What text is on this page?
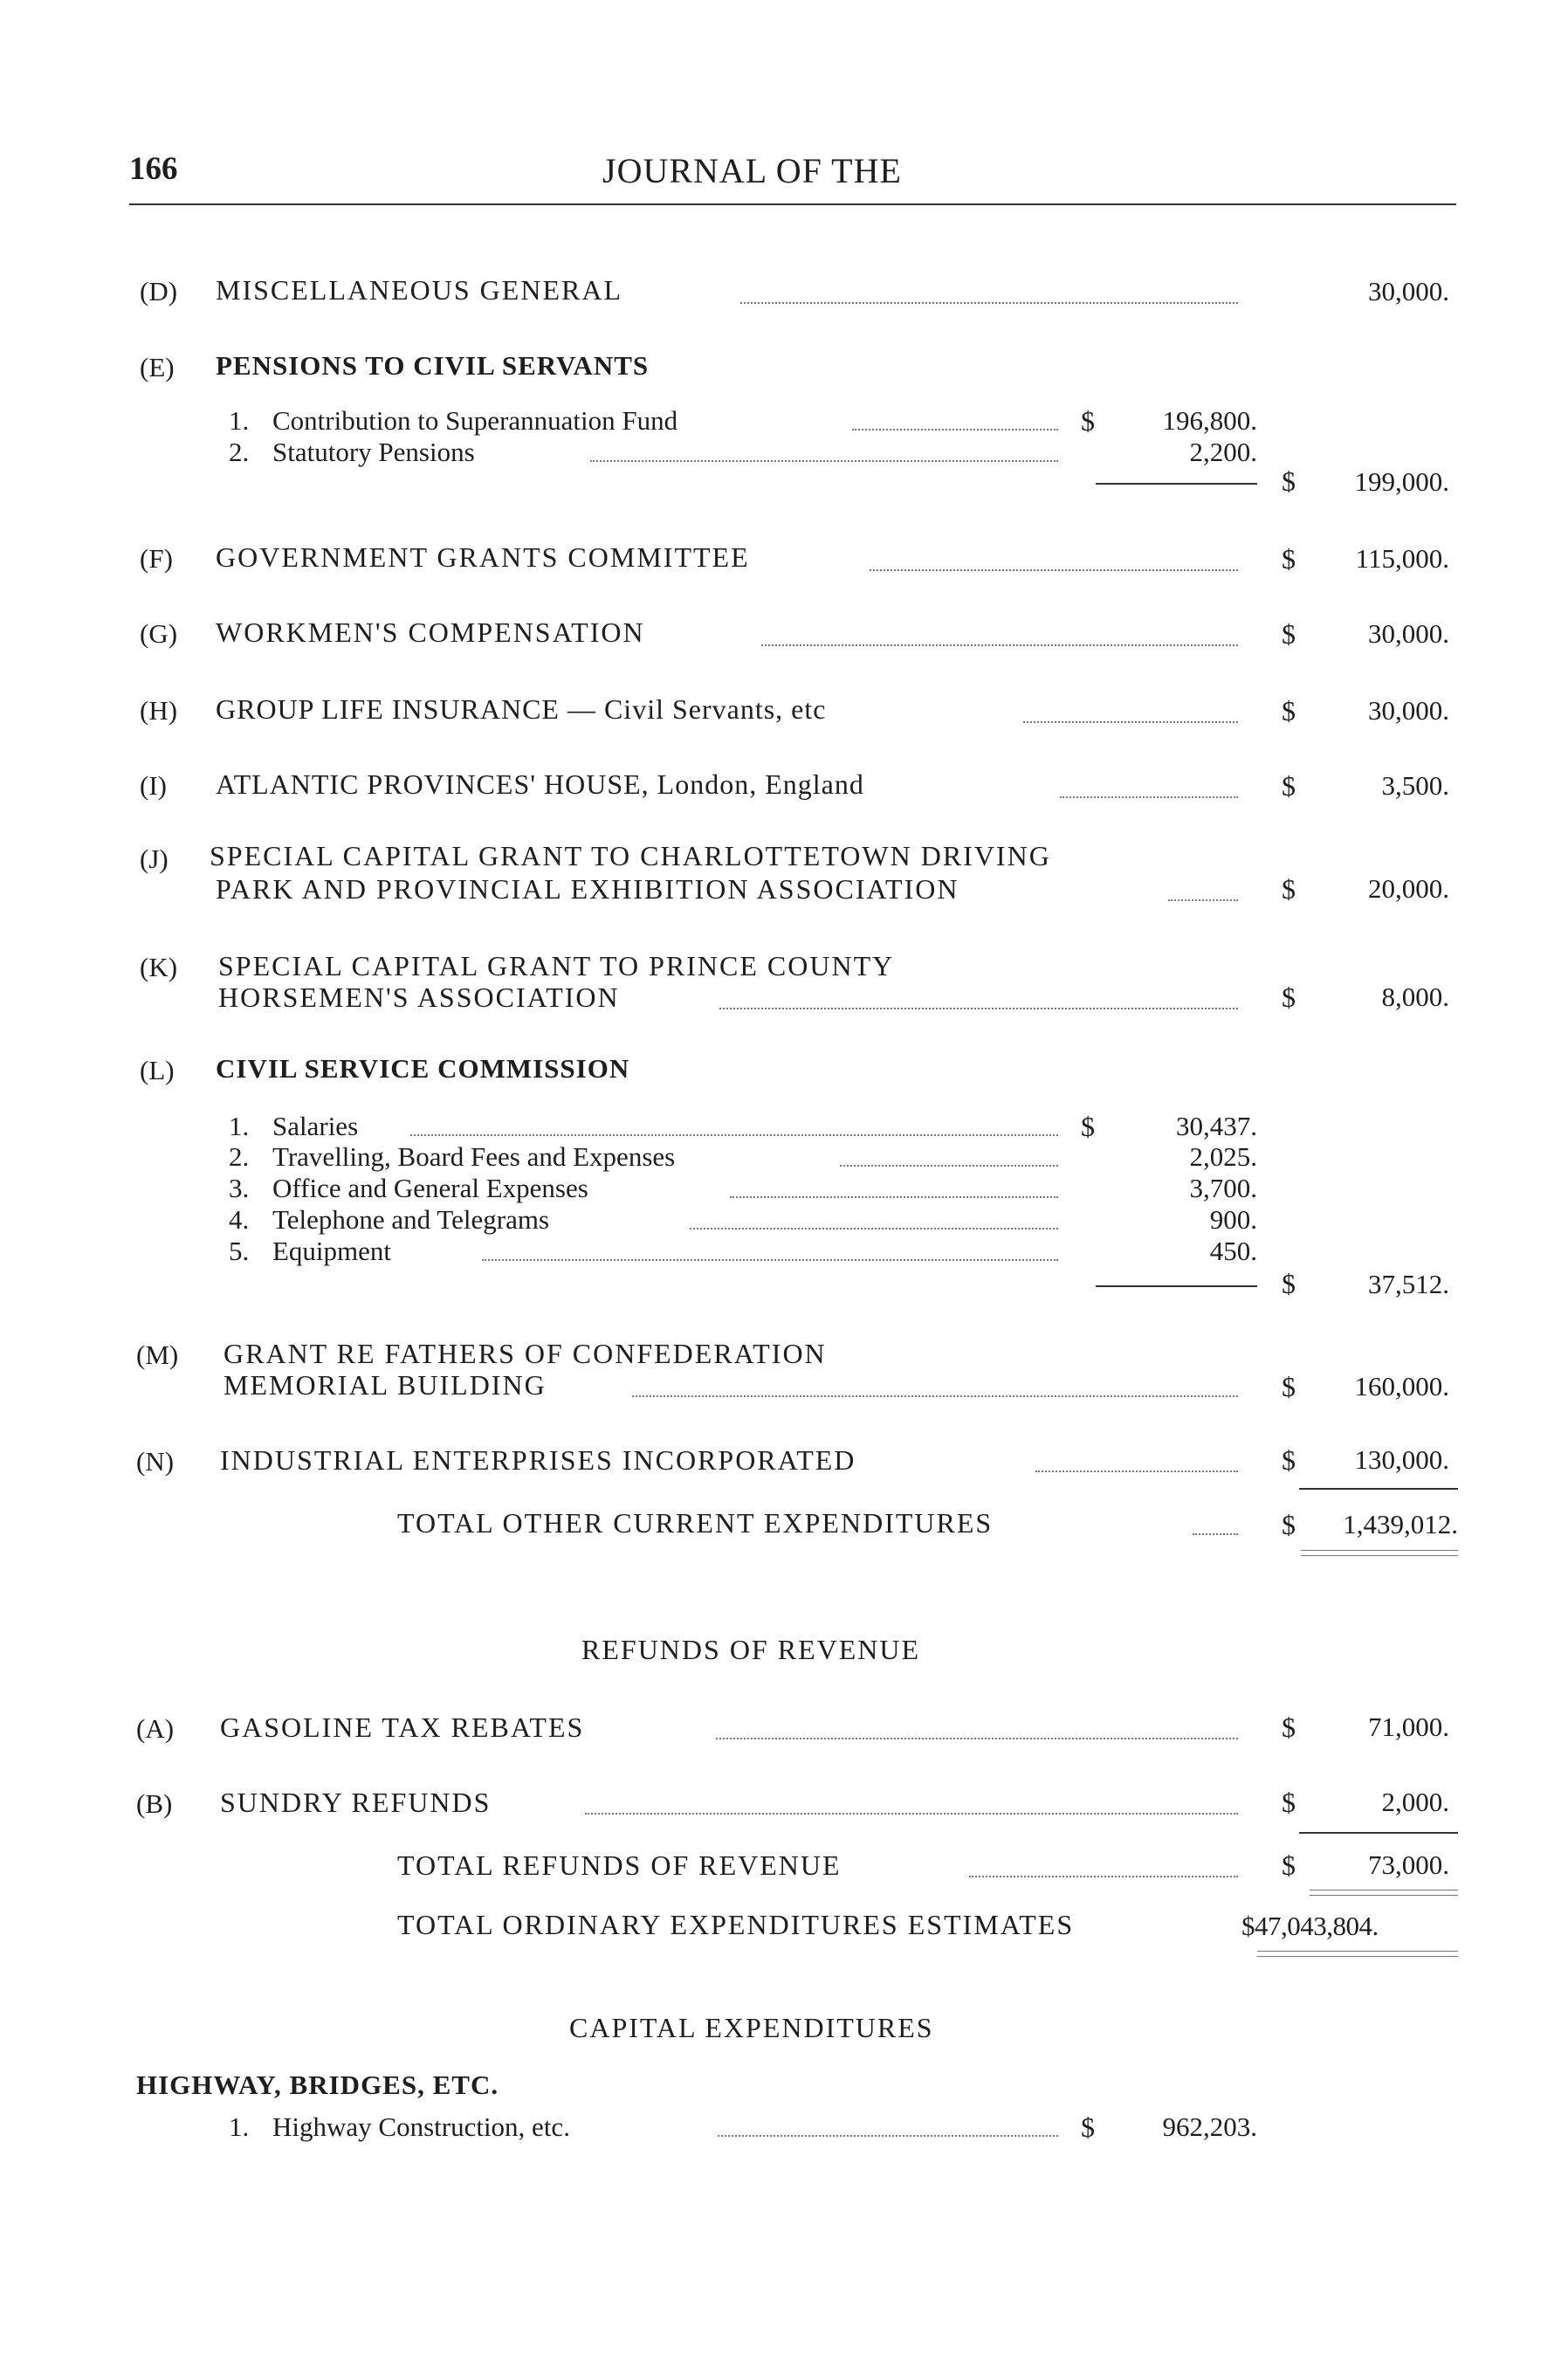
166	JOURNAL OF THE
(D) MISCELLANEOUS GENERAL	30,000.
(E) PENSIONS TO CIVIL SERVANTS
1. Contribution to Superannuation Fund	$	196,800.
2. Statutory Pensions	2,200.
$	199,000.
(F) GOVERNMENT GRANTS COMMITTEE	$	115,000.
(G) WORKMEN'S COMPENSATION	$	30,000.
(H) GROUP LIFE INSURANCE — Civil Servants, etc	$	30,000.
(I) ATLANTIC PROVINCES' HOUSE, London, England	$	3,500.
(J) SPECIAL CAPITAL GRANT TO CHARLOTTETOWN DRIVING
PARK AND PROVINCIAL EXHIBITION ASSOCIATION	$	20,000.
(K) SPECIAL CAPITAL GRANT TO PRINCE COUNTY
HORSEMEN'S ASSOCIATION	$	8,000.
(L) CIVIL SERVICE COMMISSION
1. Salaries	$	30,437.
2. Travelling, Board Fees and Expenses	2,025.
3. Office and General Expenses	3,700.
4. Telephone and Telegrams	900.
5. Equipment	450.
$	37,512.
(M) GRANT RE FATHERS OF CONFEDERATION
MEMORIAL BUILDING	$	160,000.
(N) INDUSTRIAL ENTERPRISES INCORPORATED	$	130,000.
TOTAL OTHER CURRENT EXPENDITURES	$	1,439,012.
REFUNDS OF REVENUE
(A) GASOLINE TAX REBATES	$	71,000.
(B) SUNDRY REFUNDS	$	2,000.
TOTAL REFUNDS OF REVENUE	$	73,000.
TOTAL ORDINARY EXPENDITURES ESTIMATES	$47,043,804.
CAPITAL EXPENDITURES
HIGHWAY, BRIDGES, ETC.
1. Highway Construction, etc.	$	962,203.
